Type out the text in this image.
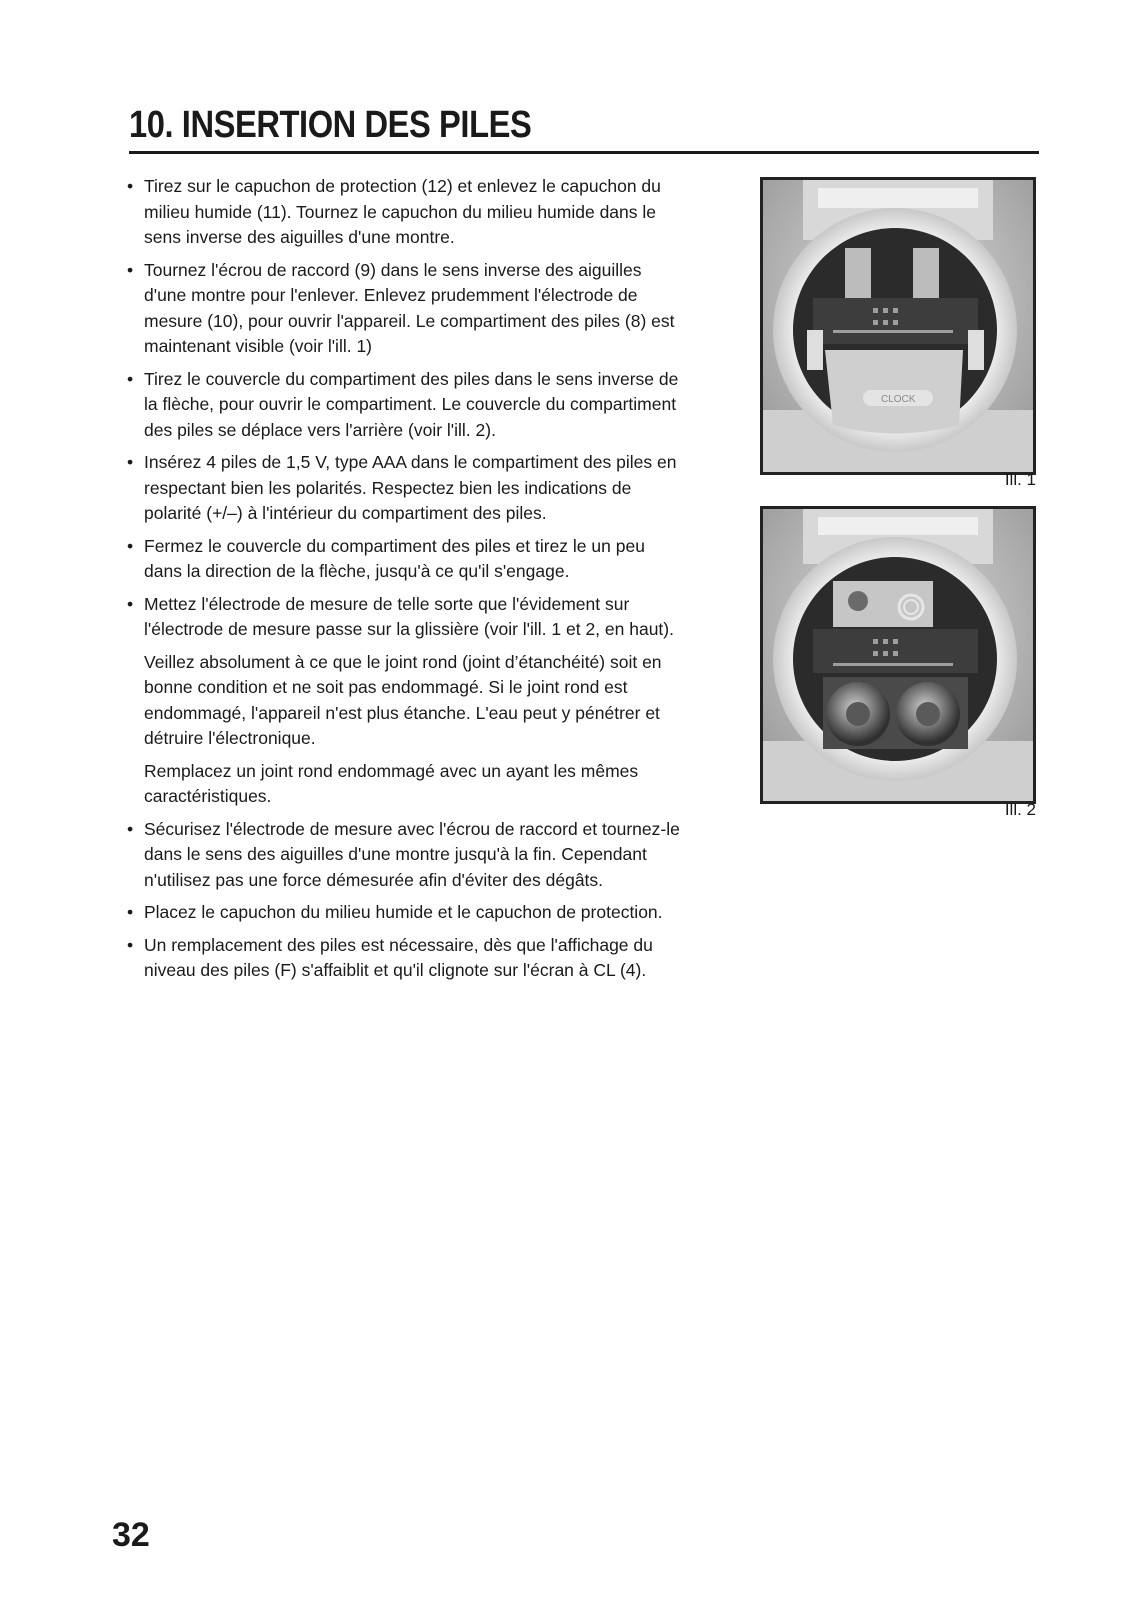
10. INSERTION DES PILES
• Tirez sur le capuchon de protection (12) et enlevez le capuchon du milieu humide (11). Tournez le capuchon du milieu humide dans le sens inverse des aiguilles d'une montre.
• Tournez l'écrou de raccord (9) dans le sens inverse des aiguilles d'une montre pour l'enlever. Enlevez prudemment l'électrode de mesure (10), pour ouvrir l'appareil. Le compartiment des piles (8) est maintenant visible (voir l'ill. 1)
• Tirez le couvercle du compartiment des piles dans le sens inverse de la flèche, pour ouvrir le compartiment. Le couvercle du compartiment des piles se déplace vers l'arrière (voir l'ill. 2).
• Insérez 4 piles de 1,5 V, type AAA dans le compartiment des piles en respectant bien les polarités. Respectez bien les indications de polarité (+/–) à l'intérieur du compartiment des piles.
• Fermez le couvercle du compartiment des piles et tirez le un peu dans la direction de la flèche, jusqu'à ce qu'il s'engage.
• Mettez l'électrode de mesure de telle sorte que l'évidement sur l'électrode de mesure passe sur la glissière (voir l'ill. 1 et 2, en haut).

Veillez absolument à ce que le joint rond (joint d’étanchéité) soit en bonne condition et ne soit pas endommagé. Si le joint rond est endommagé, l'appareil n'est plus étanche. L'eau peut y pénétrer et détruire l'électronique.

Remplacez un joint rond endommagé avec un ayant les mêmes caractéristiques.

• Sécurisez l'électrode de mesure avec l'écrou de raccord et tournez-le dans le sens des aiguilles d'une montre jusqu'à la fin. Cependant n'utilisez pas une force démesurée afin d'éviter des dégâts.
• Placez le capuchon du milieu humide et le capuchon de protection.
• Un remplacement des piles est nécessaire, dès que l'affichage du niveau des piles (F) s'affaiblit et qu'il clignote sur l'écran à CL (4).
CLOCK
Ill. 1
Ill. 2
32
